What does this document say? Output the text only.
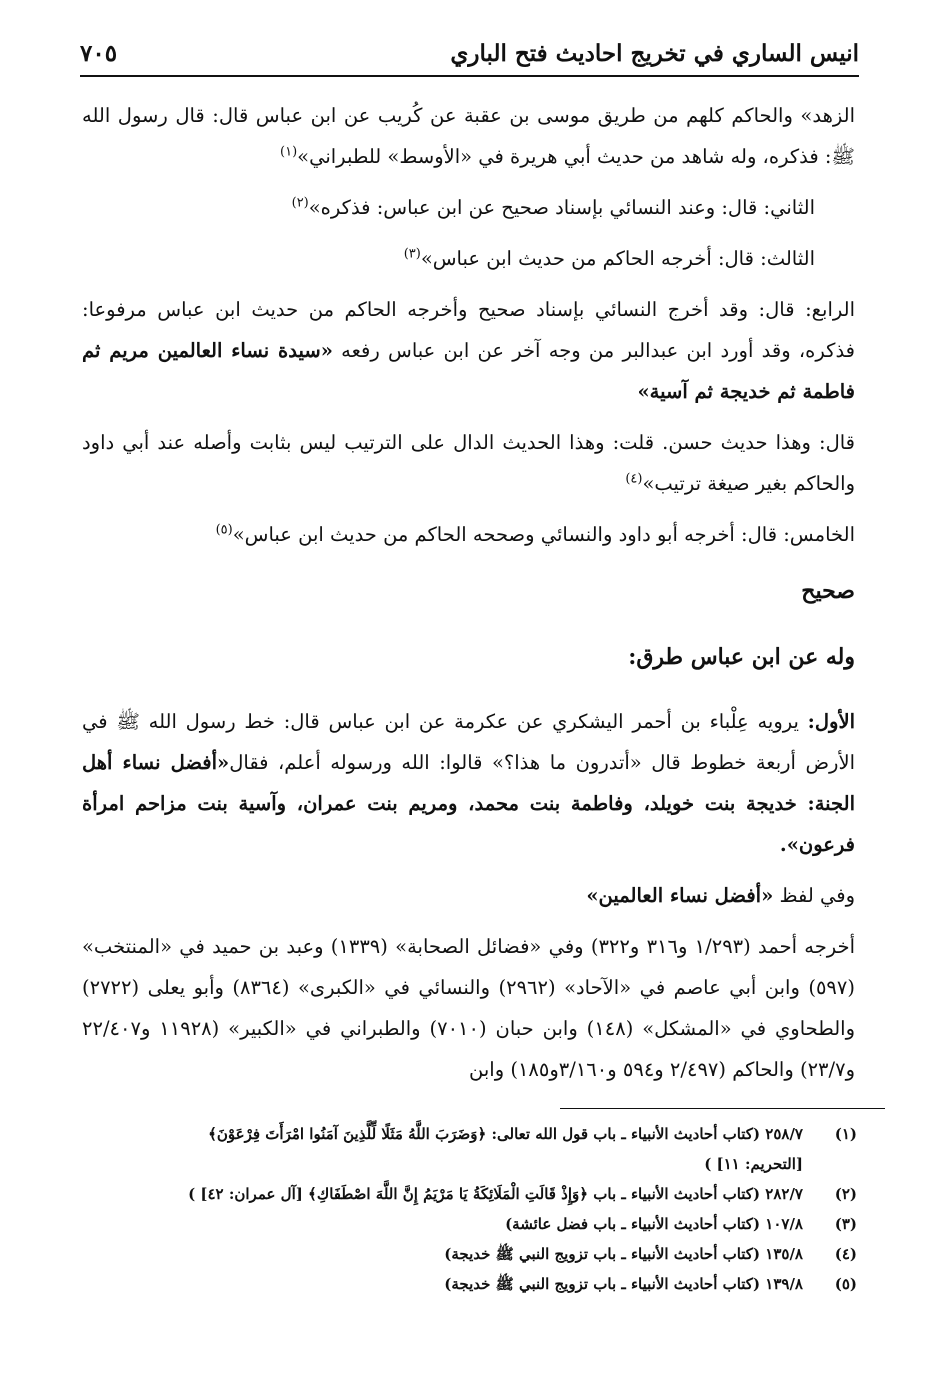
انيس الساري في تخريج احاديث فتح الباري
٧٠٥

الزهد» والحاكم كلهم من طريق موسى بن عقبة عن كُريب عن ابن عباس قال: قال رسول الله ﷺ: فذكره، وله شاهد من حديث أبي هريرة في «الأوسط» للطبراني»$^{(١)}$

الثاني: قال: وعند النسائي بإسناد صحيح عن ابن عباس: فذكره»$^{(٢)}$

الثالث: قال: أخرجه الحاكم من حديث ابن عباس»$^{(٣)}$

الرابع: قال: وقد أخرج النسائي بإسناد صحيح وأخرجه الحاكم من حديث ابن عباس مرفوعا: فذكره، وقد أورد ابن عبدالبر من وجه آخر عن ابن عباس رفعه «سيدة نساء العالمين مريم ثم فاطمة ثم خديجة ثم آسية»

قال: وهذا حديث حسن. قلت: وهذا الحديث الدال على الترتيب ليس بثابت وأصله عند أبي داود والحاكم بغير صيغة ترتيب»$^{(٤)}$

الخامس: قال: أخرجه أبو داود والنسائي وصححه الحاكم من حديث ابن عباس»$^{(٥)}$

صحيح

وله عن ابن عباس طرق:

الأول: يرويه عِلْباء بن أحمر اليشكري عن عكرمة عن ابن عباس قال: خط رسول الله ﷺ في الأرض أربعة خطوط قال «أتدرون ما هذا؟» قالوا: الله ورسوله أعلم، فقال«أفضل نساء أهل الجنة: خديجة بنت خويلد، وفاطمة بنت محمد، ومريم بنت عمران، وآسية بنت مزاحم امرأة فرعون».

وفي لفظ «أفضل نساء العالمين»

أخرجه أحمد (١/٢٩٣ و٣١٦ و٣٢٢) وفي «فضائل الصحابة» (١٣٣٩) وعبد بن حميد في «المنتخب» (٥٩٧) وابن أبي عاصم في «الآحاد» (٢٩٦٢) والنسائي في «الكبرى» (٨٣٦٤) وأبو يعلى (٢٧٢٢) والطحاوي في «المشكل» (١٤٨) وابن حبان (٧٠١٠) والطبراني في «الكبير» (١١٩٢٨ و٢٢/٤٠٧ و٢٣/٧) والحاكم (٢/٤٩٧ و٥٩٤ و٣/١٦٠و١٨٥) وابن

(١)
٢٥٨/٧ (كتاب أحاديث الأنبياء ـ باب قول الله تعالى: ﴿وَضَرَبَ اللَّهُ مَثَلًا لِّلَّذِينَ آمَنُوا امْرَأَتَ فِرْعَوْنَ﴾

[التحريم: ١١] )

(٢)
٢٨٢/٧ (كتاب أحاديث الأنبياء ـ باب ﴿وَإِذْ قَالَتِ الْمَلَائِكَةُ يَا مَرْيَمُ إِنَّ اللَّهَ اصْطَفَاكِ﴾ [آل عمران: ٤٢] )

(٣)
١٠٧/٨ (كتاب أحاديث الأنبياء ـ باب فضل عائشة)

(٤)
١٣٥/٨ (كتاب أحاديث الأنبياء ـ باب تزويج النبي ﷺ خديجة)

(٥)
١٣٩/٨ (كتاب أحاديث الأنبياء ـ باب تزويج النبي ﷺ خديجة)
